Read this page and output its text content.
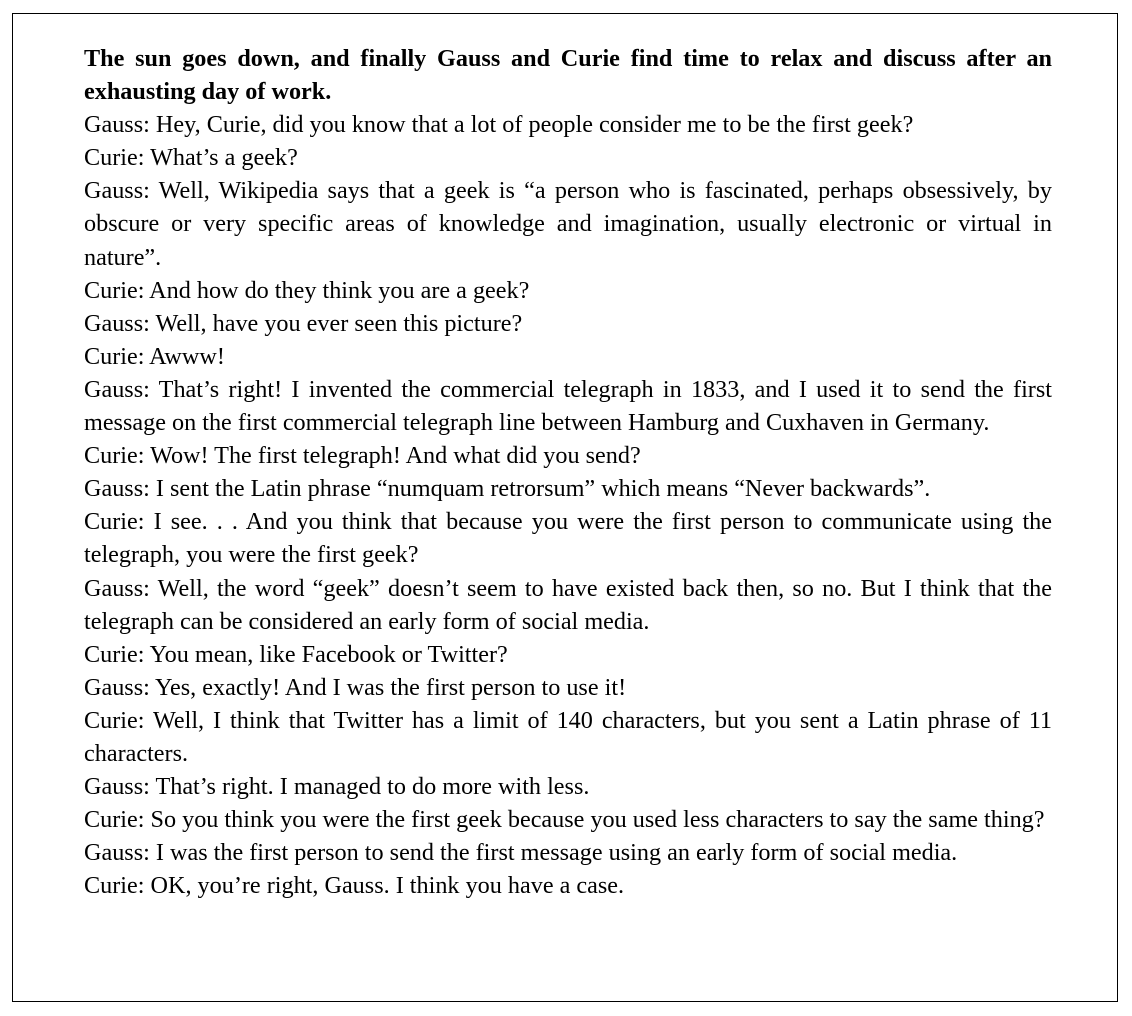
The sun goes down, and finally Gauss and Curie find time to relax and discuss after an exhausting day of work.

Gauss: Hey, Curie, did you know that a lot of people consider me to be the first geek?

Curie: What’s a geek?

Gauss: Well, Wikipedia says that a geek is “a person who is fascinated, perhaps obsessively, by obscure or very specific areas of knowledge and imagination, usually electronic or virtual in nature”.

Curie: And how do they think you are a geek?

Gauss: Well, have you ever seen this picture?

Curie: Awww!

Gauss: That’s right! I invented the commercial telegraph in 1833, and I used it to send the first message on the first commercial telegraph line between Hamburg and Cuxhaven in Germany.

Curie: Wow! The first telegraph! And what did you send?

Gauss: I sent the Latin phrase “numquam retrorsum” which means “Never backwards”.

Curie: I see. . . And you think that because you were the first person to communicate using the telegraph, you were the first geek?

Gauss: Well, the word “geek” doesn’t seem to have existed back then, so no. But I think that the telegraph can be considered an early form of social media.

Curie: You mean, like Facebook or Twitter?

Gauss: Yes, exactly! And I was the first person to use it!

Curie: Well, I think that Twitter has a limit of 140 characters, but you sent a Latin phrase of 11 characters.

Gauss: That’s right. I managed to do more with less.

Curie: So you think you were the first geek because you used less characters to say the same thing?

Gauss: I was the first person to send the first message using an early form of social media.

Curie: OK, you’re right, Gauss. I think you have a case.
